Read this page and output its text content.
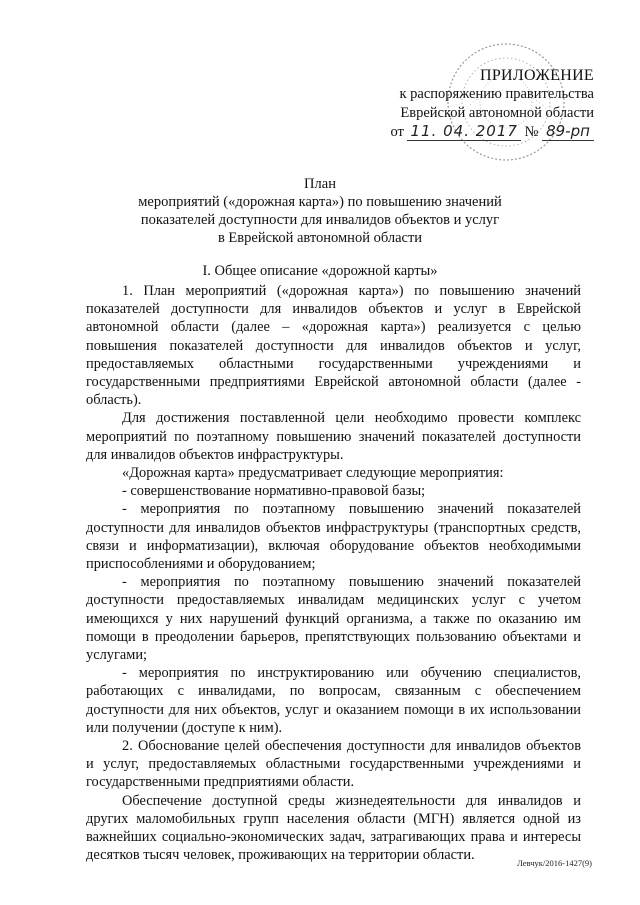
ПРИЛОЖЕНИЕ
к распоряжению правительства
Еврейской автономной области
от 11. 04. 2017 № 89-рп
План
мероприятий («дорожная карта») по повышению значений
показателей доступности для инвалидов объектов и услуг
в Еврейской автономной области
I. Общее описание «дорожной карты»

1. План мероприятий («дорожная карта») по повышению значений показателей доступности для инвалидов объектов и услуг в Еврейской автономной области (далее – «дорожная карта») реализуется с целью повышения показателей доступности для инвалидов объектов и услуг, предоставляемых областными государственными учреждениями и государственными предприятиями Еврейской автономной области (далее - область).

Для достижения поставленной цели необходимо провести комплекс мероприятий по поэтапному повышению значений показателей доступности для инвалидов объектов инфраструктуры.

«Дорожная карта» предусматривает следующие мероприятия:

- совершенствование нормативно-правовой базы;

- мероприятия по поэтапному повышению значений показателей доступности для инвалидов объектов инфраструктуры (транспортных средств, связи и информатизации), включая оборудование объектов необходимыми приспособлениями и оборудованием;

- мероприятия по поэтапному повышению значений показателей доступности предоставляемых инвалидам медицинских услуг с учетом имеющихся у них нарушений функций организма, а также по оказанию им помощи в преодолении барьеров, препятствующих пользованию объектами и услугами;

- мероприятия по инструктированию или обучению специалистов, работающих с инвалидами, по вопросам, связанным с обеспечением доступности для них объектов, услуг и оказанием помощи в их использовании или получении (доступе к ним).

2. Обоснование целей обеспечения доступности для инвалидов объектов и услуг, предоставляемых областными государственными учреждениями и государственными предприятиями области.

Обеспечение доступной среды жизнедеятельности для инвалидов и других маломобильных групп населения области (МГН) является одной из важнейших социально-экономических задач, затрагивающих права и интересы десятков тысяч человек, проживающих на территории области.	Левчук/2016-1427(9)
